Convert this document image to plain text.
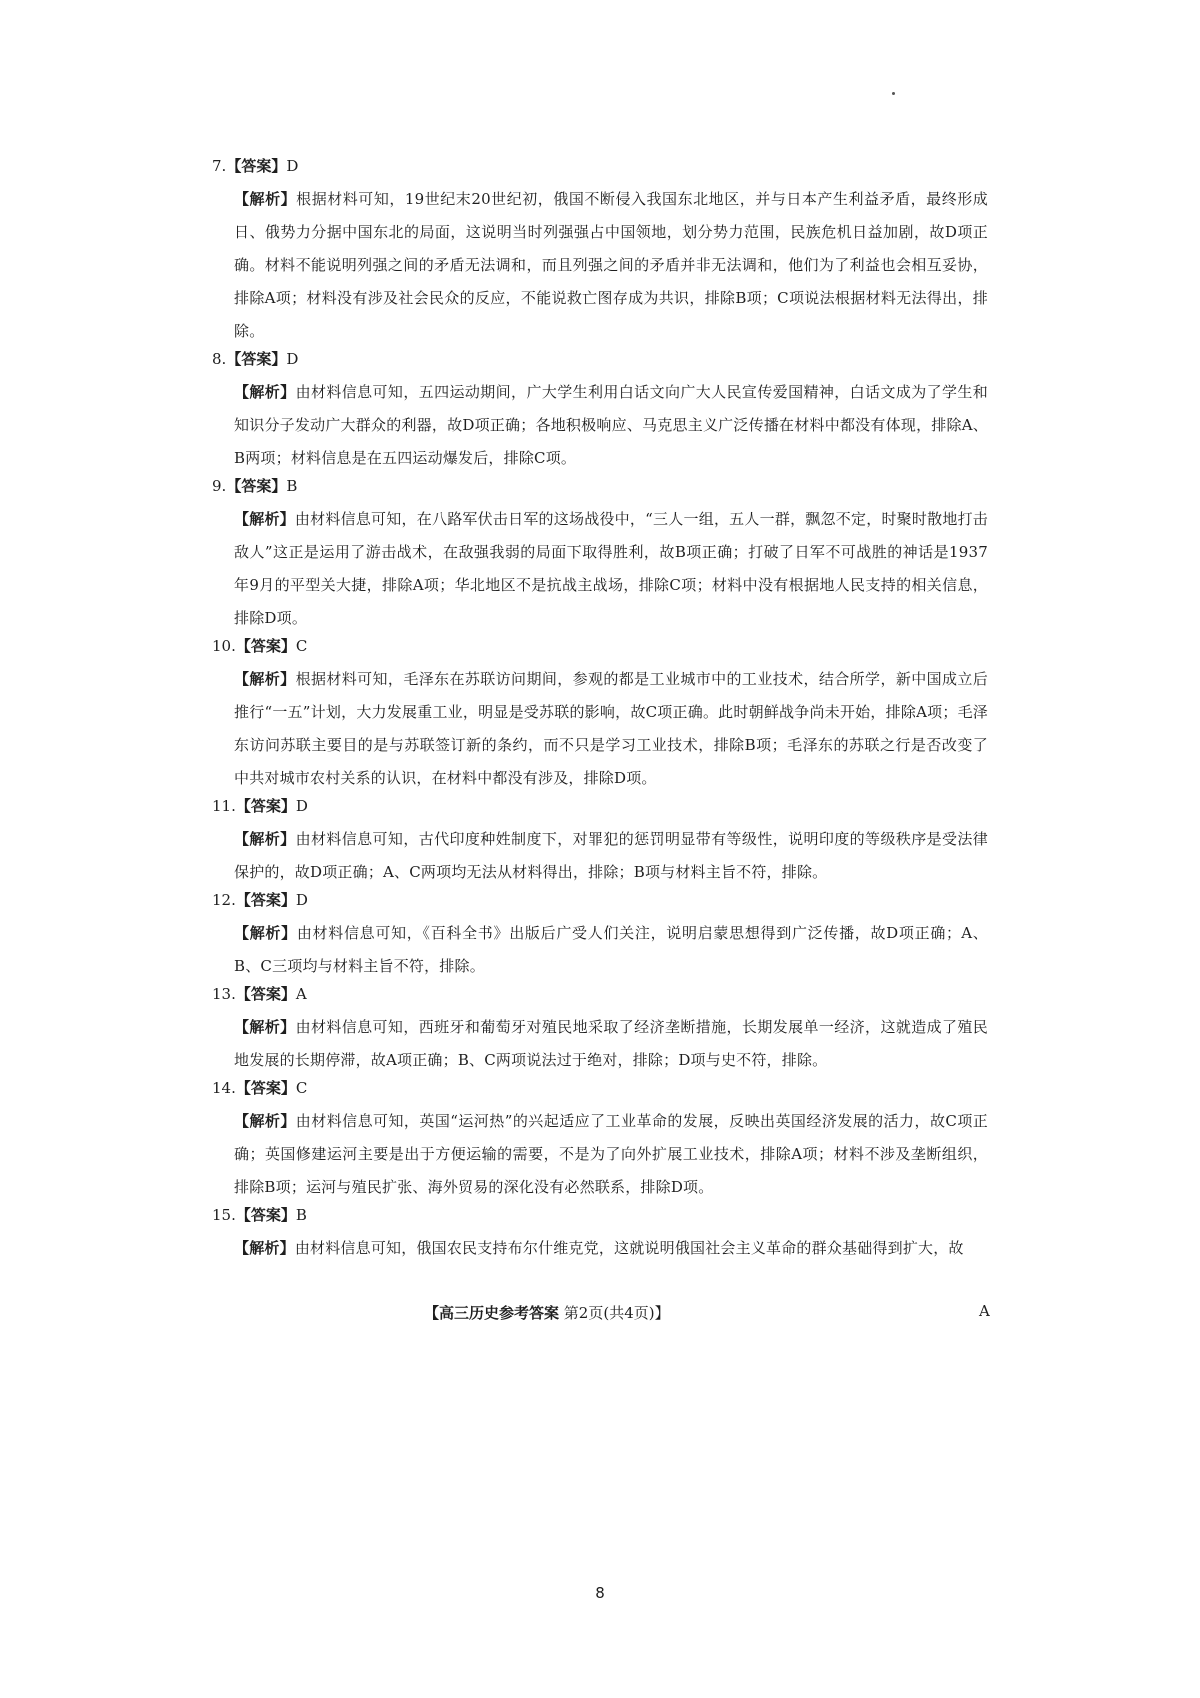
7.【答案】D
【解析】根据材料可知，19世纪末20世纪初，俄国不断侵入我国东北地区，并与日本产生利益矛盾，最终形成日、俄势力分据中国东北的局面，这说明当时列强强占中国领地，划分势力范围，民族危机日益加剧，故D项正确。材料不能说明列强之间的矛盾无法调和，而且列强之间的矛盾并非无法调和，他们为了利益也会相互妥协，排除A项；材料没有涉及社会民众的反应，不能说救亡图存成为共识，排除B项；C项说法根据材料无法得出，排除。
8.【答案】D
【解析】由材料信息可知，五四运动期间，广大学生利用白话文向广大人民宣传爱国精神，白话文成为了学生和知识分子发动广大群众的利器，故D项正确；各地积极响应、马克思主义广泛传播在材料中都没有体现，排除A、B两项；材料信息是在五四运动爆发后，排除C项。
9.【答案】B
【解析】由材料信息可知，在八路军伏击日军的这场战役中，“三人一组，五人一群，飘忽不定，时聚时散地打击敌人”这正是运用了游击战术，在敌强我弱的局面下取得胜利，故B项正确；打破了日军不可战胜的神话是1937年9月的平型关大捷，排除A项；华北地区不是抗战主战场，排除C项；材料中没有根据地人民支持的相关信息，排除D项。
10.【答案】C
【解析】根据材料可知，毛泽东在苏联访问期间，参观的都是工业城市中的工业技术，结合所学，新中国成立后推行“一五”计划，大力发展重工业，明显是受苏联的影响，故C项正确。此时朝鲜战争尚未开始，排除A项；毛泽东访问苏联主要目的是与苏联签订新的条约，而不只是学习工业技术，排除B项；毛泽东的苏联之行是否改变了中共对城市农村关系的认识，在材料中都没有涉及，排除D项。
11.【答案】D
【解析】由材料信息可知，古代印度种姓制度下，对罪犯的惩罚明显带有等级性，说明印度的等级秩序是受法律保护的，故D项正确；A、C两项均无法从材料得出，排除；B项与材料主旨不符，排除。
12.【答案】D
【解析】由材料信息可知，《百科全书》出版后广受人们关注，说明启蒙思想得到广泛传播，故D项正确；A、B、C三项均与材料主旨不符，排除。
13.【答案】A
【解析】由材料信息可知，西班牙和葡萄牙对殖民地采取了经济垄断措施，长期发展单一经济，这就造成了殖民地发展的长期停滞，故A项正确；B、C两项说法过于绝对，排除；D项与史不符，排除。
14.【答案】C
【解析】由材料信息可知，英国“运河热”的兴起适应了工业革命的发展，反映出英国经济发展的活力，故C项正确；英国修建运河主要是出于方便运输的需要，不是为了向外扩展工业技术，排除A项；材料不涉及垄断组织，排除B项；运河与殖民扩张、海外贸易的深化没有必然联系，排除D项。
15.【答案】B
【解析】由材料信息可知，俄国农民支持布尔什维克党，这就说明俄国社会主义革命的群众基础得到扩大，故
【高三历史参考答案 第2页(共4页)】	A
8
